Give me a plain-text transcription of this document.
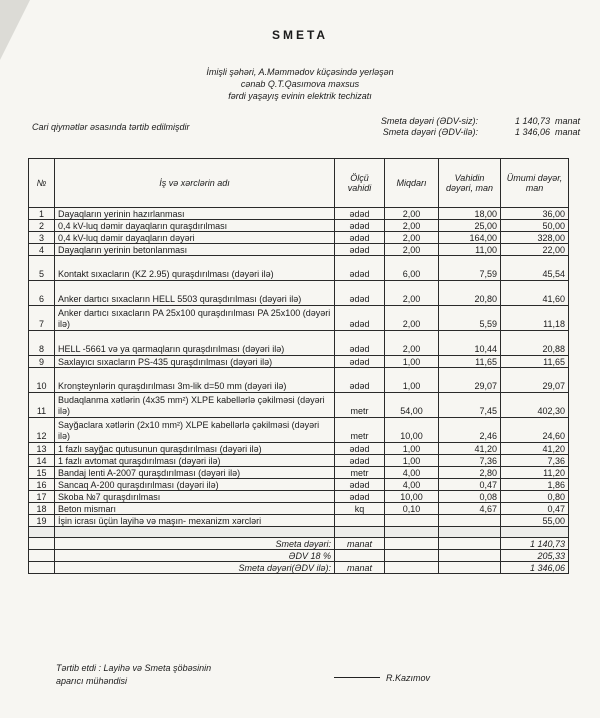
SMETA
İmişli şəhəri, A.Məmmədov küçəsində yerləşən
cənab Q.T.Qasımova məxsus
fərdi yaşayış evinin elektrik techizatı
Cari qiymətlər əsasında tərtib edilmişdir
Smeta dəyəri (ƏDV-siz):	1 140,73 manat
Smeta dəyəri (ƏDV-ilə):	1 346,06 manat
№	İş və xərclərin adı	Ölçü vahidi	Miqdarı	Vahidin dəyəri, man	Ümumi dəyər, man
1	Dayaqların yerinin hazırlanması	ədəd	2,00	18,00	36,00
2	0,4 kV-luq dəmir dayaqların quraşdırılması	ədəd	2,00	25,00	50,00
3	0,4 kV-luq dəmir dayaqların dəyəri	ədəd	2,00	164,00	328,00
4	Dayaqların yerinin betonlanması	ədəd	2,00	11,00	22,00
5	Kontakt sıxacların (KZ 2.95) quraşdırılması (dəyəri ilə)	ədəd	6,00	7,59	45,54
6	Anker dartıcı sıxacların HELL 5503 quraşdırılması (dəyəri ilə)	ədəd	2,00	20,80	41,60
7	Anker dartıcı sıxacların PA 25x100 quraşdırılması PA 25x100 (dəyəri ilə)	ədəd	2,00	5,59	11,18
8	HELL -5661 və ya qarmaqların quraşdırılması (dəyəri ilə)	ədəd	2,00	10,44	20,88
9	Saxlayıcı sıxacların PS-435 quraşdırılması (dəyəri ilə)	ədəd	1,00	11,65	11,65
10	Kronşteynlərin quraşdırılması 3m-lik d=50 mm (dəyəri ilə)	ədəd	1,00	29,07	29,07
11	Budaqlanma xətlərin (4x35 mm²) XLPE kabellərlə çəkilməsi (dəyəri ilə)	metr	54,00	7,45	402,30
12	Sayğaclara xətlərin (2x10 mm²) XLPE kabellərlə çəkilməsi (dəyəri ilə)	metr	10,00	2,46	24,60
13	1 fazlı sayğac qutusunun quraşdırılması (dəyəri ilə)	ədəd	1,00	41,20	41,20
14	1 fazlı avtomat quraşdırılması (dəyəri ilə)	ədəd	1,00	7,36	7,36
15	Bandaj lenti A-2007 quraşdırılması (dəyəri ilə)	metr	4,00	2,80	11,20
16	Sancaq A-200 quraşdırılması (dəyəri ilə)	ədəd	4,00	0,47	1,86
17	Skoba №7 quraşdırılması	ədəd	10,00	0,08	0,80
18	Beton mismarı	kq	0,10	4,67	0,47
19	İşin icrası üçün layihə və maşın- mexanizm xərcləri				55,00

	Smeta dəyəri:	manat			1 140,73
	ƏDV 18 %				205,33
	Smeta dəyəri(ƏDV ilə):	manat			1 346,06
Tərtib etdi : Layihə və Smeta şöbəsinin
aparıcı mühəndisi	R.Kazımov
